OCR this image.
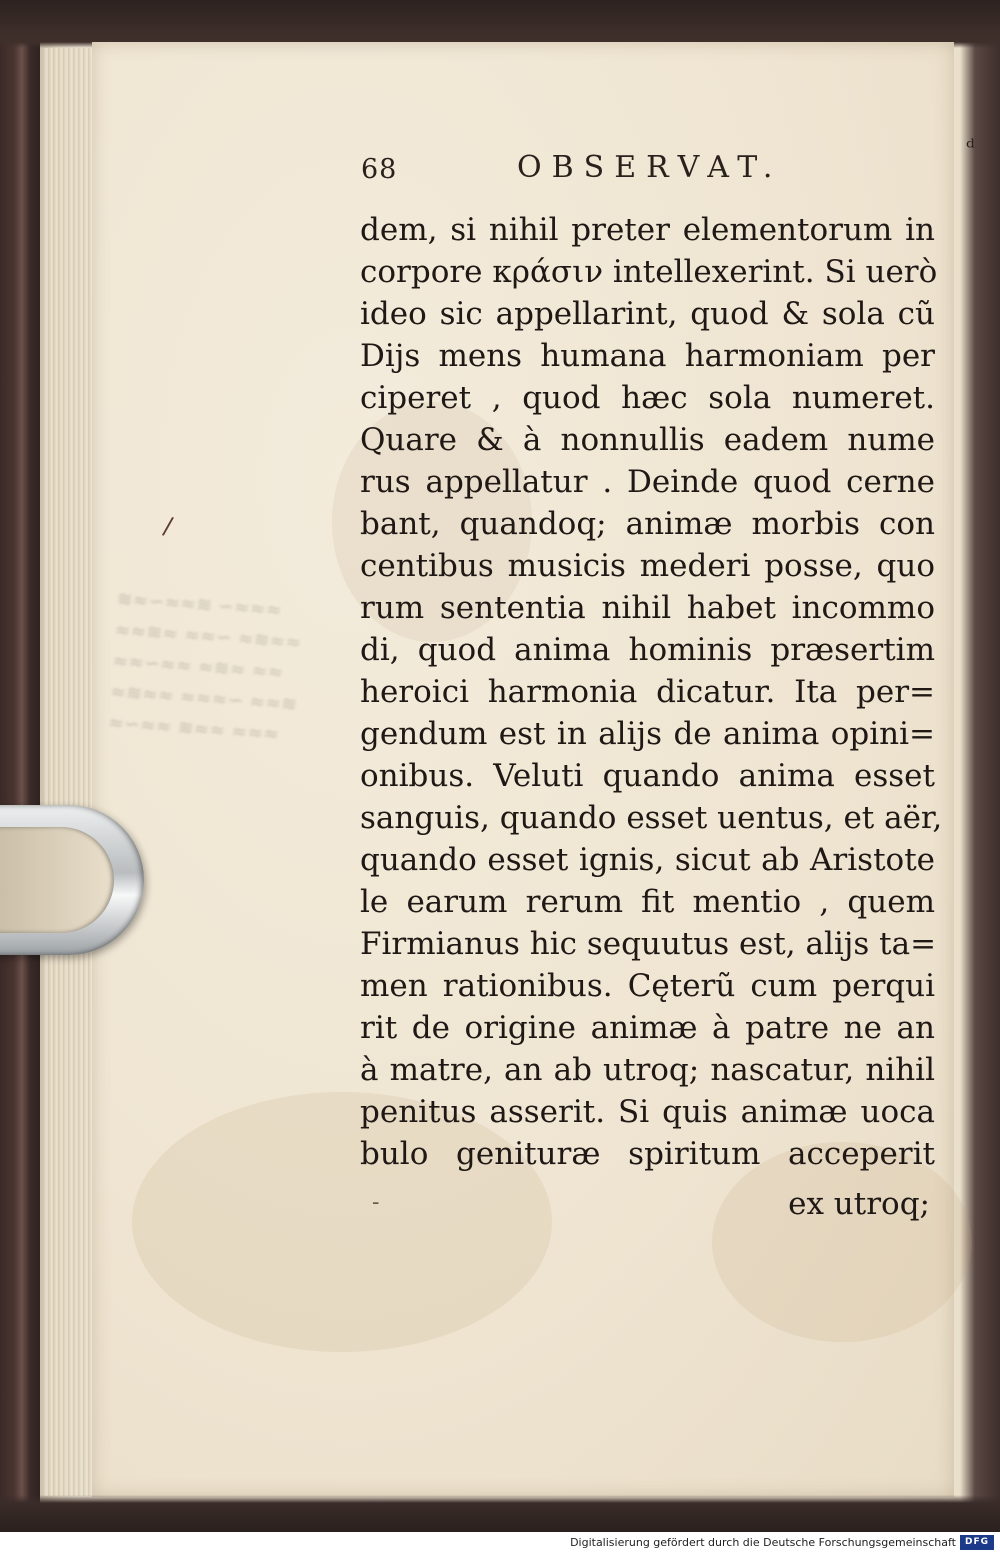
≋≈∽≈≈≋ ∽≈≈≈
≈≈≋≈ ≈≈∽ ≈≋≈≈
≈≈∽≈≈ ≈≋≈ ≈≈
≈≋≈≈ ≈≈≈∽ ≈≈≋
≈∽≈≈ ≋≈≈ ≈≈≈
68	OBSERVAT.
ᵈ
/
-
dem, si nihil preter elementorum in
corpore κράσιν intellexerint. Si uerò
ideo sic appellarint, quod & sola cũ
Dijs mens humana harmoniam per
ciperet , quod hæc sola numeret.
Quare & à nonnullis eadem nume
rus appellatur . Deinde quod cerne
bant, quandoq; animæ morbis con
centibus musicis mederi posse, quo
rum sententia nihil habet incommo
di, quod anima hominis præsertim
heroici harmonia dicatur. Ita per=
gendum est in alijs de anima opini=
onibus. Veluti quando anima esset
sanguis, quando esset uentus, et aër,
quando esset ignis, sicut ab Aristote
le earum rerum fit mentio , quem
Firmianus hic sequutus est, alijs ta=
men rationibus. Cęterũ cum perqui
rit de origine animæ à patre ne an
à matre, an ab utroq; nascatur, nihil
penitus asserit. Si quis animæ uoca
bulo genituræ spiritum acceperit
ex utroq;
Digitalisierung gefördert durch die Deutsche Forschungsgemeinschaft DFG
